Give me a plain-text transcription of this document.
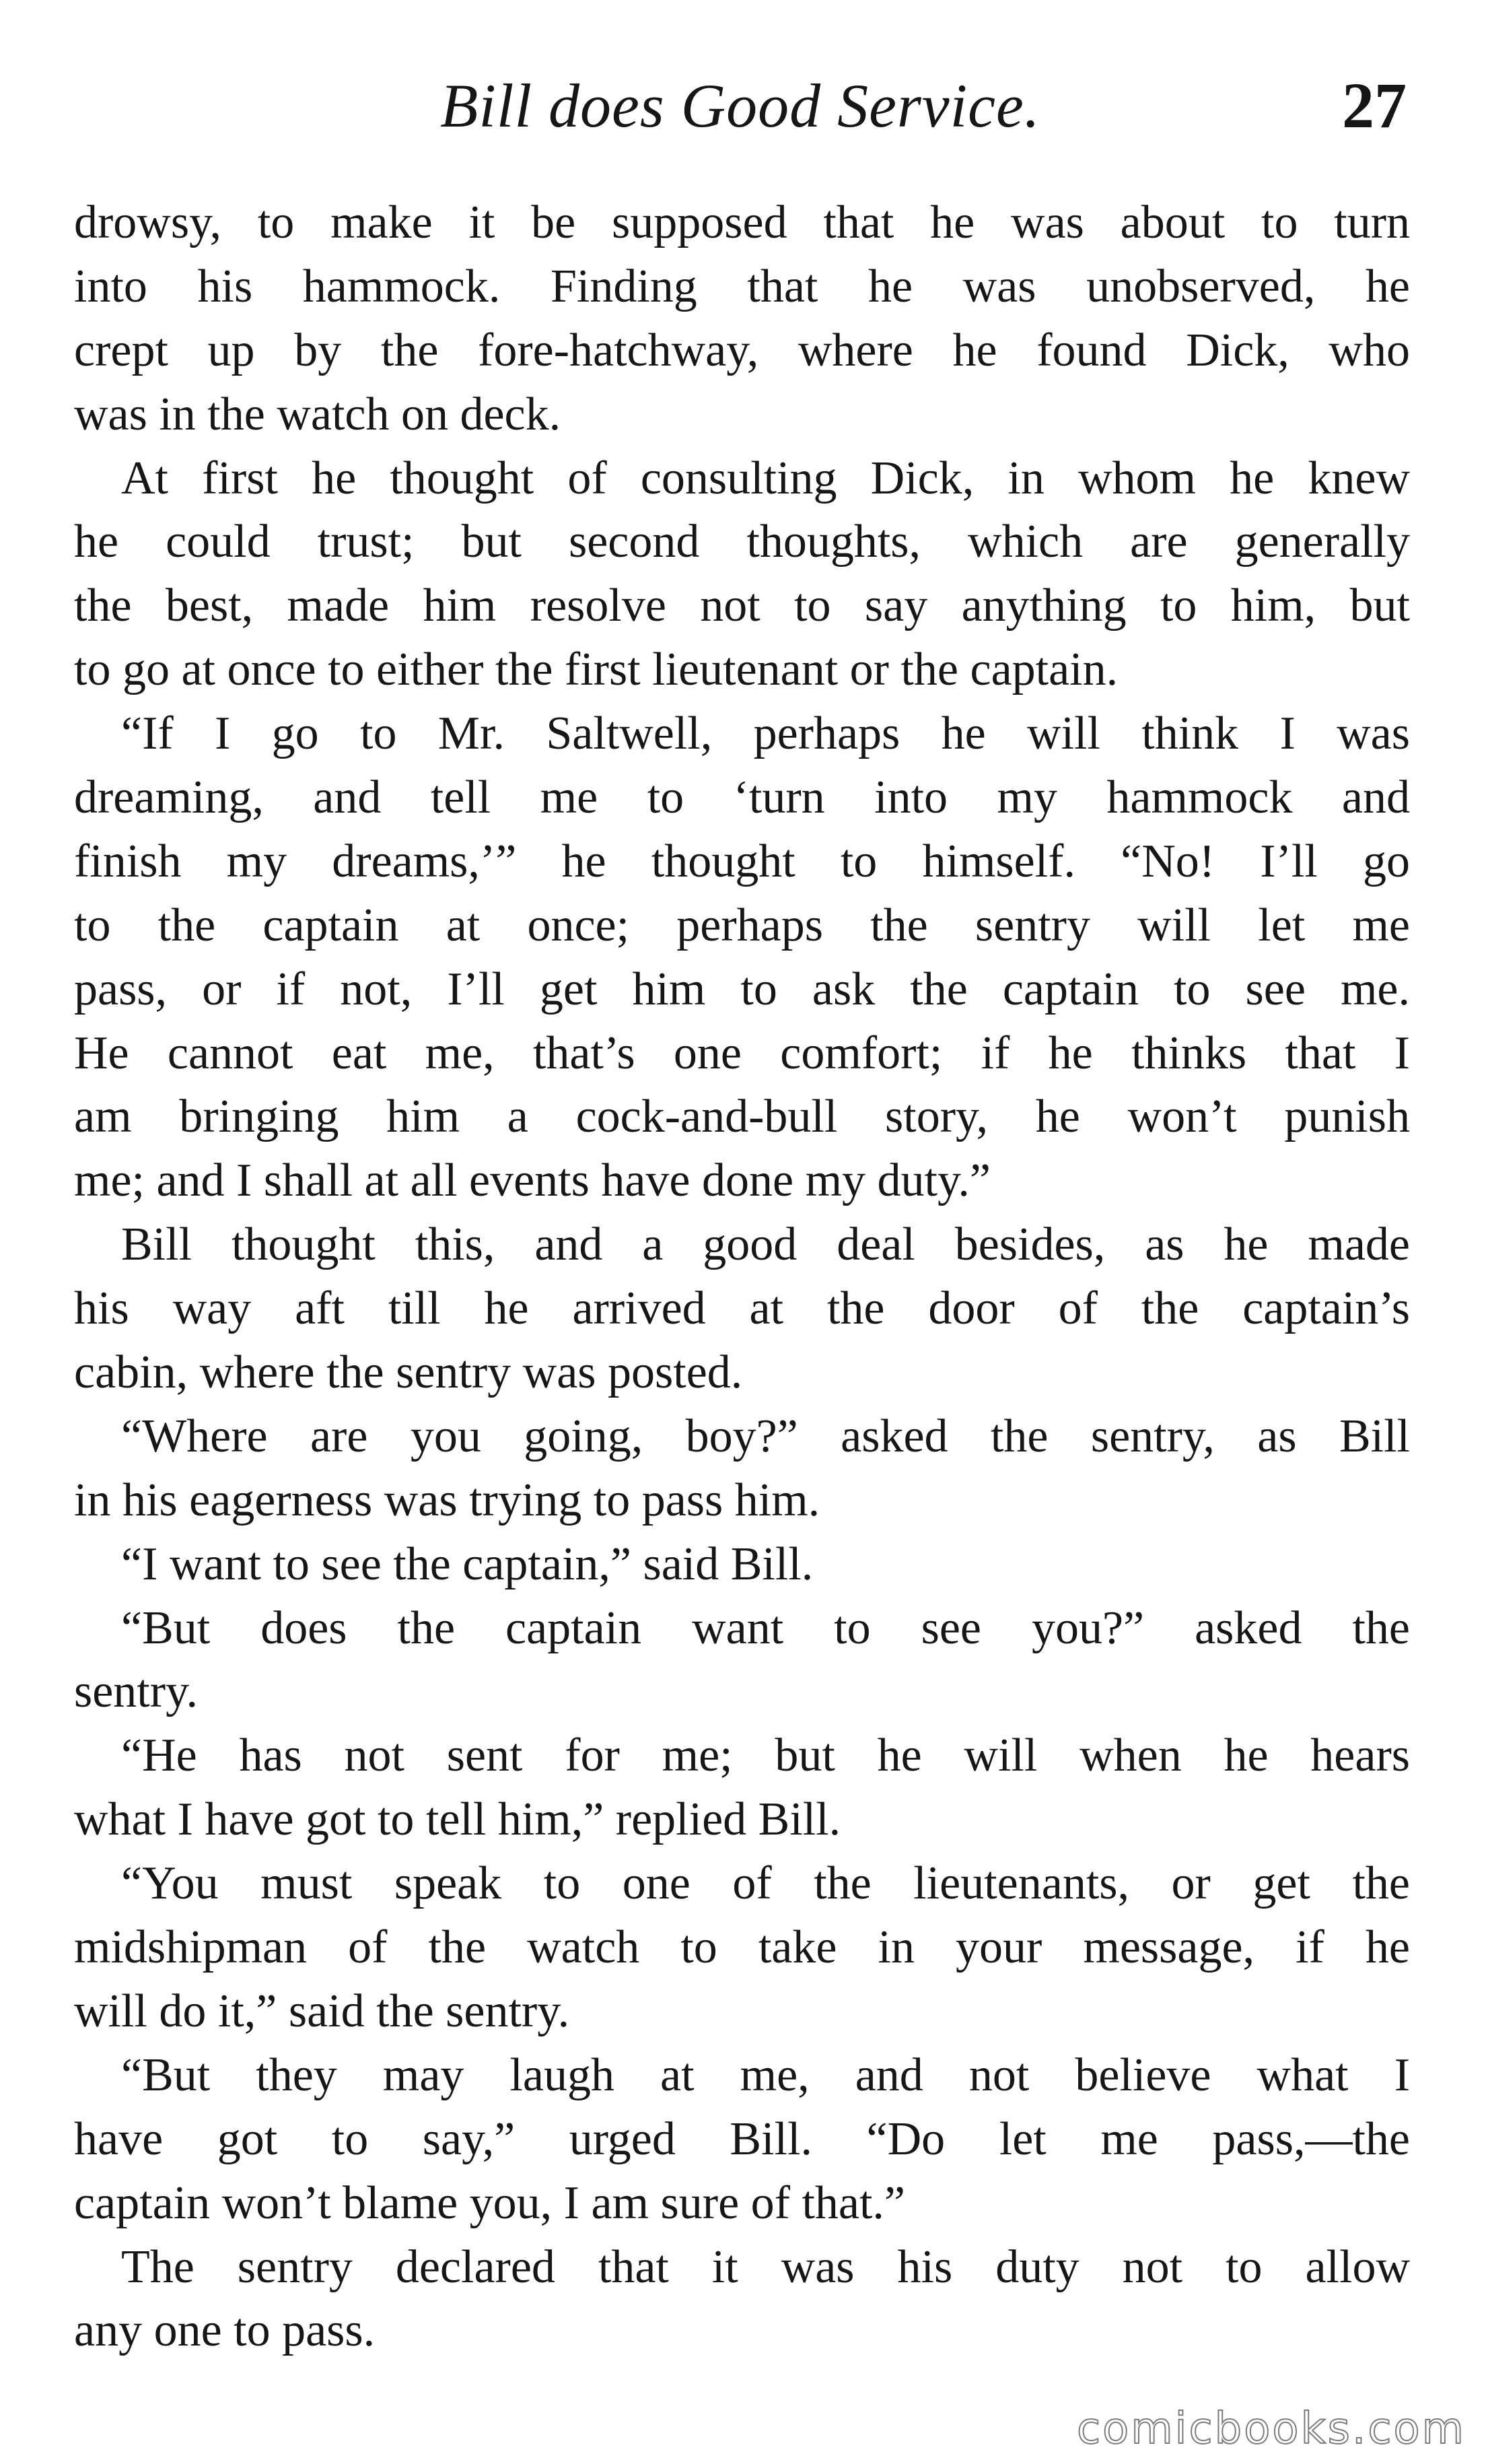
Bill does Good Service.	27

drowsy, to make it be supposed that he was about to turn
into his hammock. Finding that he was unobserved, he
crept up by the fore-hatchway, where he found Dick, who
was in the watch on deck.

At first he thought of consulting Dick, in whom he knew
he could trust; but second thoughts, which are generally
the best, made him resolve not to say anything to him, but
to go at once to either the first lieutenant or the captain.

“If I go to Mr. Saltwell, perhaps he will think I was
dreaming, and tell me to ‘turn into my hammock and
finish my dreams,’” he thought to himself. “No! I’ll go
to the captain at once; perhaps the sentry will let me
pass, or if not, I’ll get him to ask the captain to see me.
He cannot eat me, that’s one comfort; if he thinks that I
am bringing him a cock-and-bull story, he won’t punish
me; and I shall at all events have done my duty.”

Bill thought this, and a good deal besides, as he made
his way aft till he arrived at the door of the captain’s
cabin, where the sentry was posted.

“Where are you going, boy?” asked the sentry, as Bill
in his eagerness was trying to pass him.

“I want to see the captain,” said Bill.

“But does the captain want to see you?” asked the
sentry.

“He has not sent for me; but he will when he hears
what I have got to tell him,” replied Bill.

“You must speak to one of the lieutenants, or get the
midshipman of the watch to take in your message, if he
will do it,” said the sentry.

“But they may laugh at me, and not believe what I
have got to say,” urged Bill. “Do let me pass,—the
captain won’t blame you, I am sure of that.”

The sentry declared that it was his duty not to allow
any one to pass.

comicbooks.com
